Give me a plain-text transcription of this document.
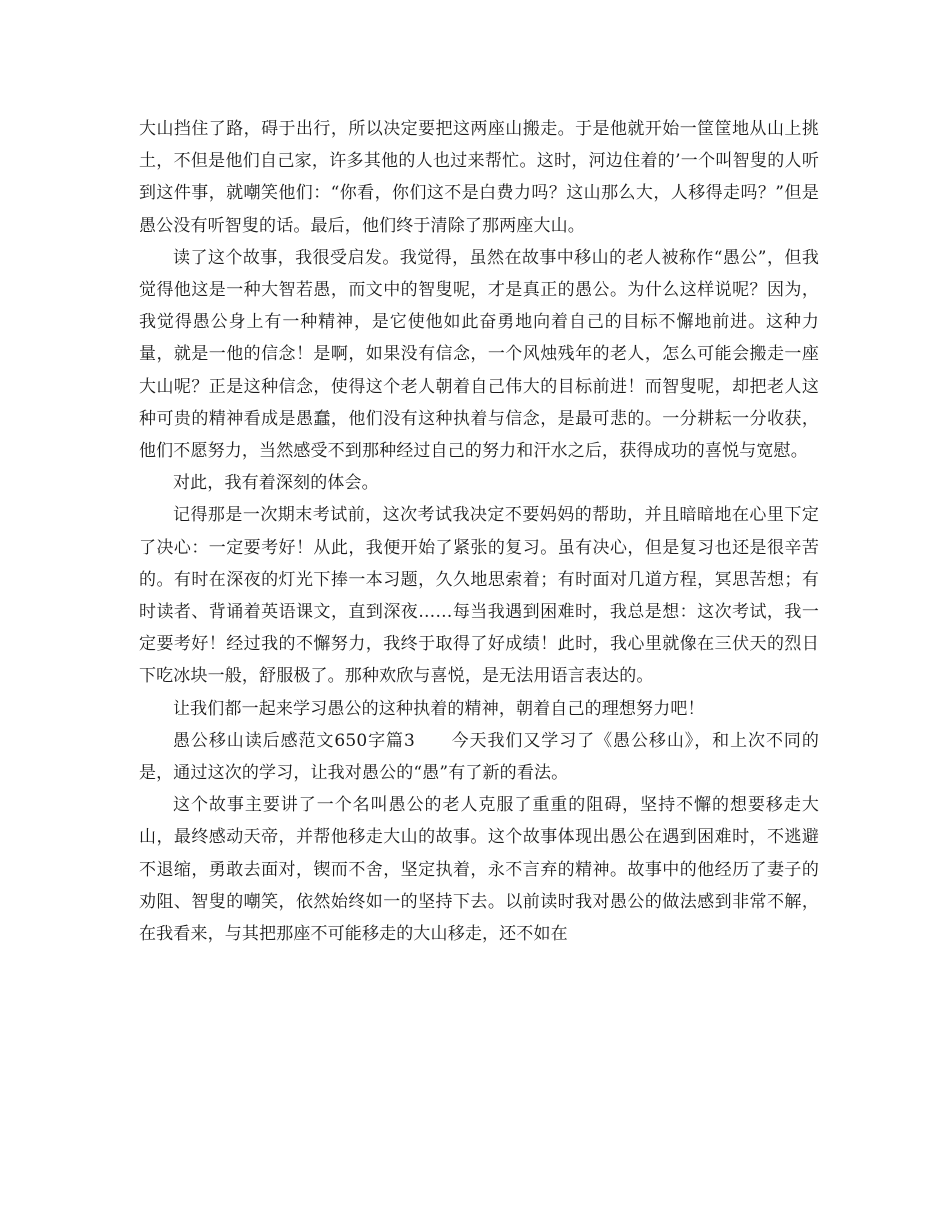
大山挡住了路，碍于出行，所以决定要把这两座山搬走。于是他就开始一筐筐地从山上挑土，不但是他们自己家，许多其他的人也过来帮忙。这时，河边住着的’一个叫智叟的人听到这件事，就嘲笑他们：“你看，你们这不是白费力吗？这山那么大，人移得走吗？”但是愚公没有听智叟的话。最后，他们终于清除了那两座大山。

读了这个故事，我很受启发。我觉得，虽然在故事中移山的老人被称作“愚公”，但我觉得他这是一种大智若愚，而文中的智叟呢，才是真正的愚公。为什么这样说呢？因为，我觉得愚公身上有一种精神，是它使他如此奋勇地向着自己的目标不懈地前进。这种力量，就是一他的信念！是啊，如果没有信念，一个风烛残年的老人，怎么可能会搬走一座大山呢？正是这种信念，使得这个老人朝着自己伟大的目标前进！而智叟呢，却把老人这种可贵的精神看成是愚蠢，他们没有这种执着与信念，是最可悲的。一分耕耘一分收获，他们不愿努力，当然感受不到那种经过自己的努力和汗水之后，获得成功的喜悦与宽慰。

对此，我有着深刻的体会。

记得那是一次期末考试前，这次考试我决定不要妈妈的帮助，并且暗暗地在心里下定了决心：一定要考好！从此，我便开始了紧张的复习。虽有决心，但是复习也还是很辛苦的。有时在深夜的灯光下捧一本习题，久久地思索着；有时面对几道方程，冥思苦想；有时读者、背诵着英语课文，直到深夜……每当我遇到困难时，我总是想：这次考试，我一定要考好！经过我的不懈努力，我终于取得了好成绩！此时，我心里就像在三伏天的烈日下吃冰块一般，舒服极了。那种欢欣与喜悦，是无法用语言表达的。

让我们都一起来学习愚公的这种执着的精神，朝着自己的理想努力吧！

愚公移山读后感范文650字篇3　　今天我们又学习了《愚公移山》，和上次不同的是，通过这次的学习，让我对愚公的“愚”有了新的看法。

这个故事主要讲了一个名叫愚公的老人克服了重重的阻碍，坚持不懈的想要移走大山，最终感动天帝，并帮他移走大山的故事。这个故事体现出愚公在遇到困难时，不逃避不退缩，勇敢去面对，锲而不舍，坚定执着，永不言弃的精神。故事中的他经历了妻子的劝阻、智叟的嘲笑，依然始终如一的坚持下去。以前读时我对愚公的做法感到非常不解，在我看来，与其把那座不可能移走的大山移走，还不如在
